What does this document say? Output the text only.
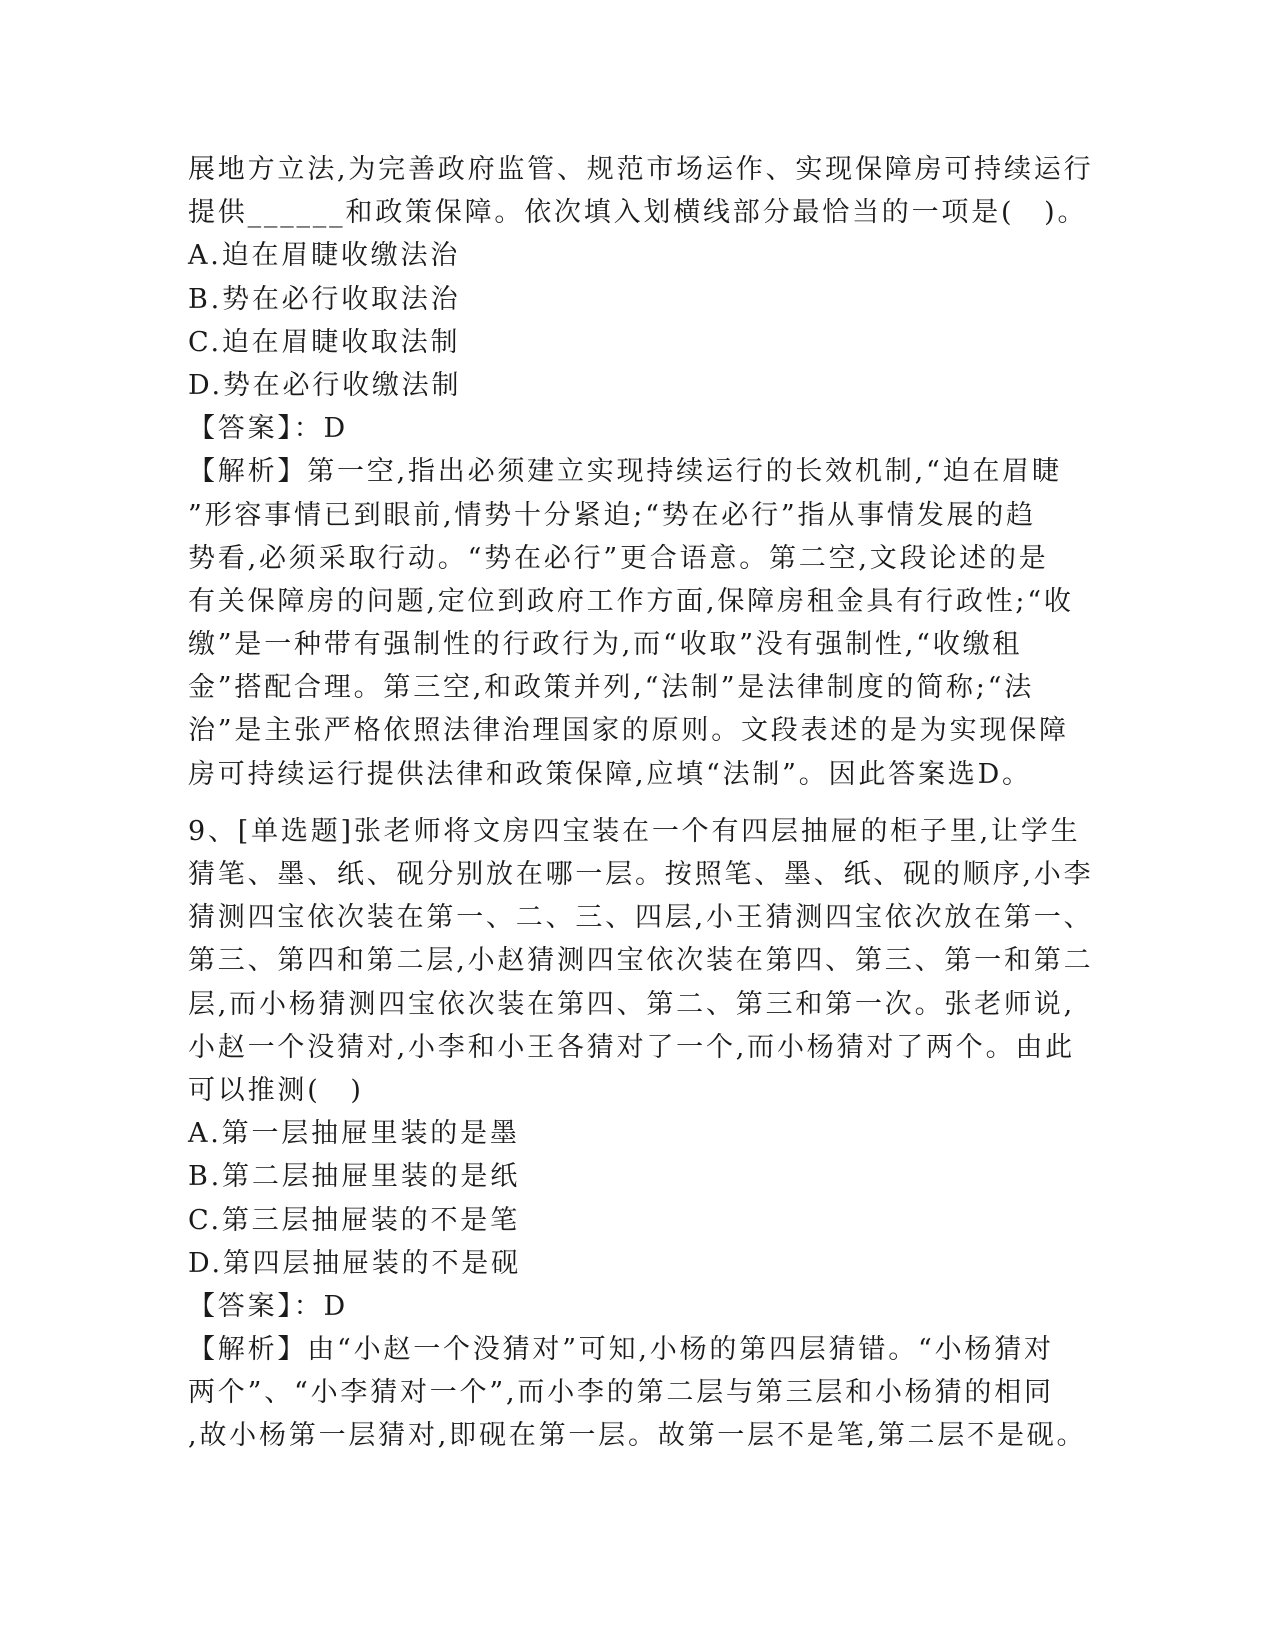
展地方立法,为完善政府监管、规范市场运作、实现保障房可持续运行
提供______和政策保障。依次填入划横线部分最恰当的一项是(　)。
A.迫在眉睫收缴法治
B.势在必行收取法治
C.迫在眉睫收取法制
D.势在必行收缴法制
【答案】：D
【解析】第一空,指出必须建立实现持续运行的长效机制,“迫在眉睫
”形容事情已到眼前,情势十分紧迫;“势在必行”指从事情发展的趋
势看,必须采取行动。“势在必行”更合语意。第二空,文段论述的是
有关保障房的问题,定位到政府工作方面,保障房租金具有行政性;“收
缴”是一种带有强制性的行政行为,而“收取”没有强制性,“收缴租
金”搭配合理。第三空,和政策并列,“法制”是法律制度的简称;“法
治”是主张严格依照法律治理国家的原则。文段表述的是为实现保障
房可持续运行提供法律和政策保障,应填“法制”。因此答案选D。
9、[单选题]张老师将文房四宝装在一个有四层抽屉的柜子里,让学生
猜笔、墨、纸、砚分别放在哪一层。按照笔、墨、纸、砚的顺序,小李
猜测四宝依次装在第一、二、三、四层,小王猜测四宝依次放在第一、
第三、第四和第二层,小赵猜测四宝依次装在第四、第三、第一和第二
层,而小杨猜测四宝依次装在第四、第二、第三和第一次。张老师说,
小赵一个没猜对,小李和小王各猜对了一个,而小杨猜对了两个。由此
可以推测(　)
A.第一层抽屉里装的是墨
B.第二层抽屉里装的是纸
C.第三层抽屉装的不是笔
D.第四层抽屉装的不是砚
【答案】：D
【解析】由“小赵一个没猜对”可知,小杨的第四层猜错。“小杨猜对
两个”、“小李猜对一个”,而小李的第二层与第三层和小杨猜的相同
,故小杨第一层猜对,即砚在第一层。故第一层不是笔,第二层不是砚。
